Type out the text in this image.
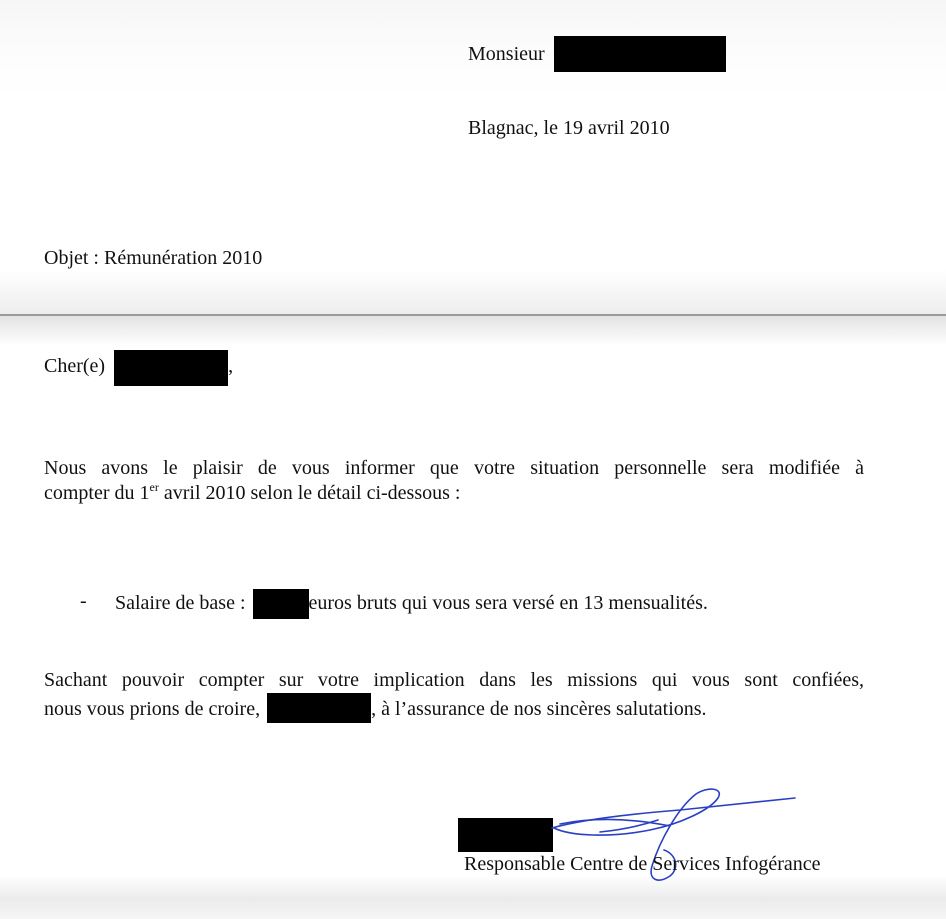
Monsieur
Blagnac, le 19 avril 2010
Objet : Rémunération 2010
Cher(e)	,
Nous avons le plaisir de vous informer que votre situation personnelle sera modifiée à
compter du 1er avril 2010 selon le détail ci-dessous :
- Salaire de base :	euros bruts qui vous sera versé en 13 mensualités.
Sachant pouvoir compter sur votre implication dans les missions qui vous sont confiées,
nous vous prions de croire,	, à l’assurance de nos sincères salutations.
Responsable Centre de Services Infogérance
